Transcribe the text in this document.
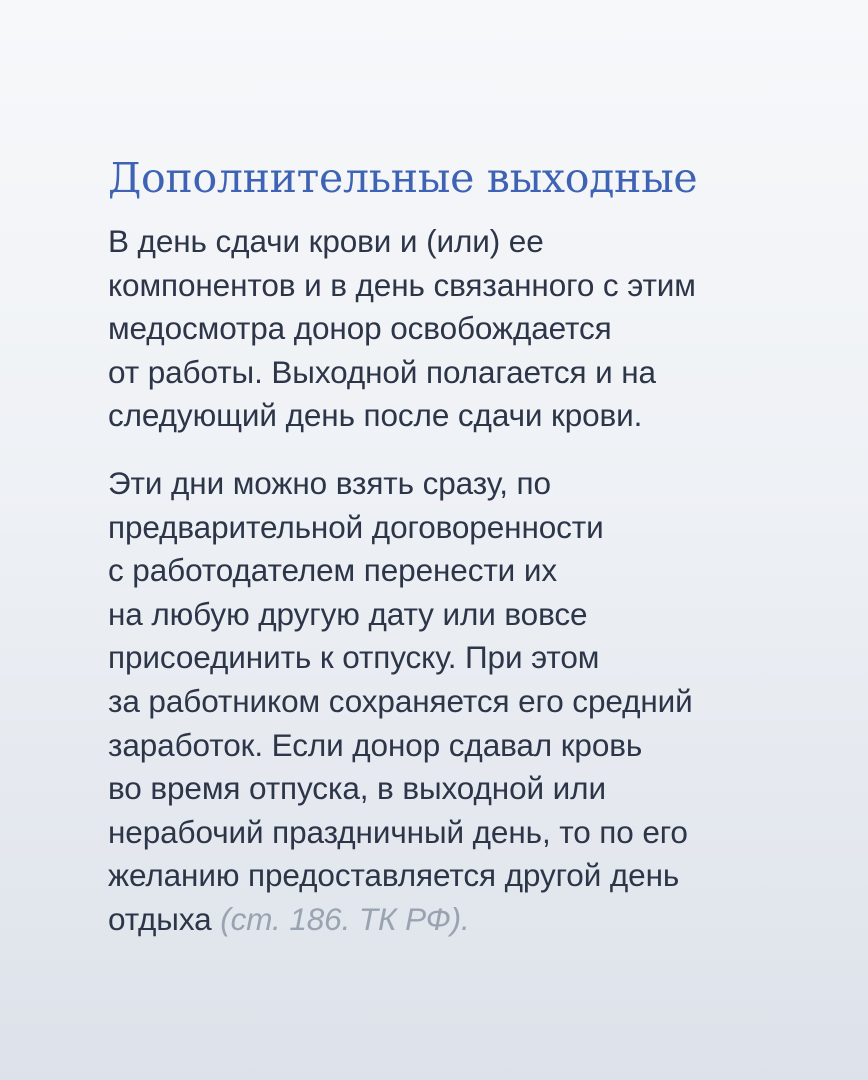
Дополнительные выходные

В день сдачи крови и (или) ее
компонентов и в день связанного с этим
медосмотра донор освобождается
от работы. Выходной полагается и на
следующий день после сдачи крови.

Эти дни можно взять сразу, по
предварительной договоренности
с работодателем перенести их
на любую другую дату или вовсе
присоединить к отпуску. При этом
за работником сохраняется его средний
заработок. Если донор сдавал кровь
во время отпуска, в выходной или
нерабочий праздничный день, то по его
желанию предоставляется другой день
отдыха (ст. 186. ТК РФ).
